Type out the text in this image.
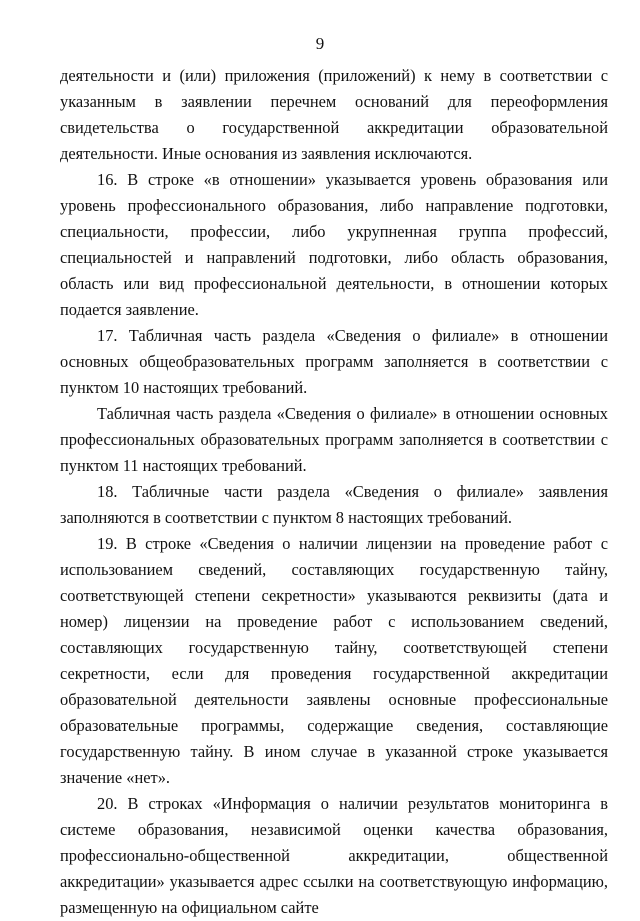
9

деятельности и (или) приложения (приложений) к нему в соответствии с указанным в заявлении перечнем оснований для переоформления свидетельства о государственной аккредитации образовательной деятельности. Иные основания из заявления исключаются.

16. В строке «в отношении» указывается уровень образования или уровень профессионального образования, либо направление подготовки, специальности, профессии, либо укрупненная группа профессий, специальностей и направлений подготовки, либо область образования, область или вид профессиональной деятельности, в отношении которых подается заявление.

17. Табличная часть раздела «Сведения о филиале» в отношении основных общеобразовательных программ заполняется в соответствии с пунктом 10 настоящих требований.

Табличная часть раздела «Сведения о филиале» в отношении основных профессиональных образовательных программ заполняется в соответствии с пунктом 11 настоящих требований.

18. Табличные части раздела «Сведения о филиале» заявления заполняются в соответствии с пунктом 8 настоящих требований.

19. В строке «Сведения о наличии лицензии на проведение работ с использованием сведений, составляющих государственную тайну, соответствующей степени секретности» указываются реквизиты (дата и номер) лицензии на проведение работ с использованием сведений, составляющих государственную тайну, соответствующей степени секретности, если для проведения государственной аккредитации образовательной деятельности заявлены основные профессиональные образовательные программы, содержащие сведения, составляющие государственную тайну. В ином случае в указанной строке указывается значение «нет».

20. В строках «Информация о наличии результатов мониторинга в системе образования, независимой оценки качества образования, профессионально-общественной аккредитации, общественной аккредитации» указывается адрес ссылки на соответствующую информацию, размещенную на официальном сайте
